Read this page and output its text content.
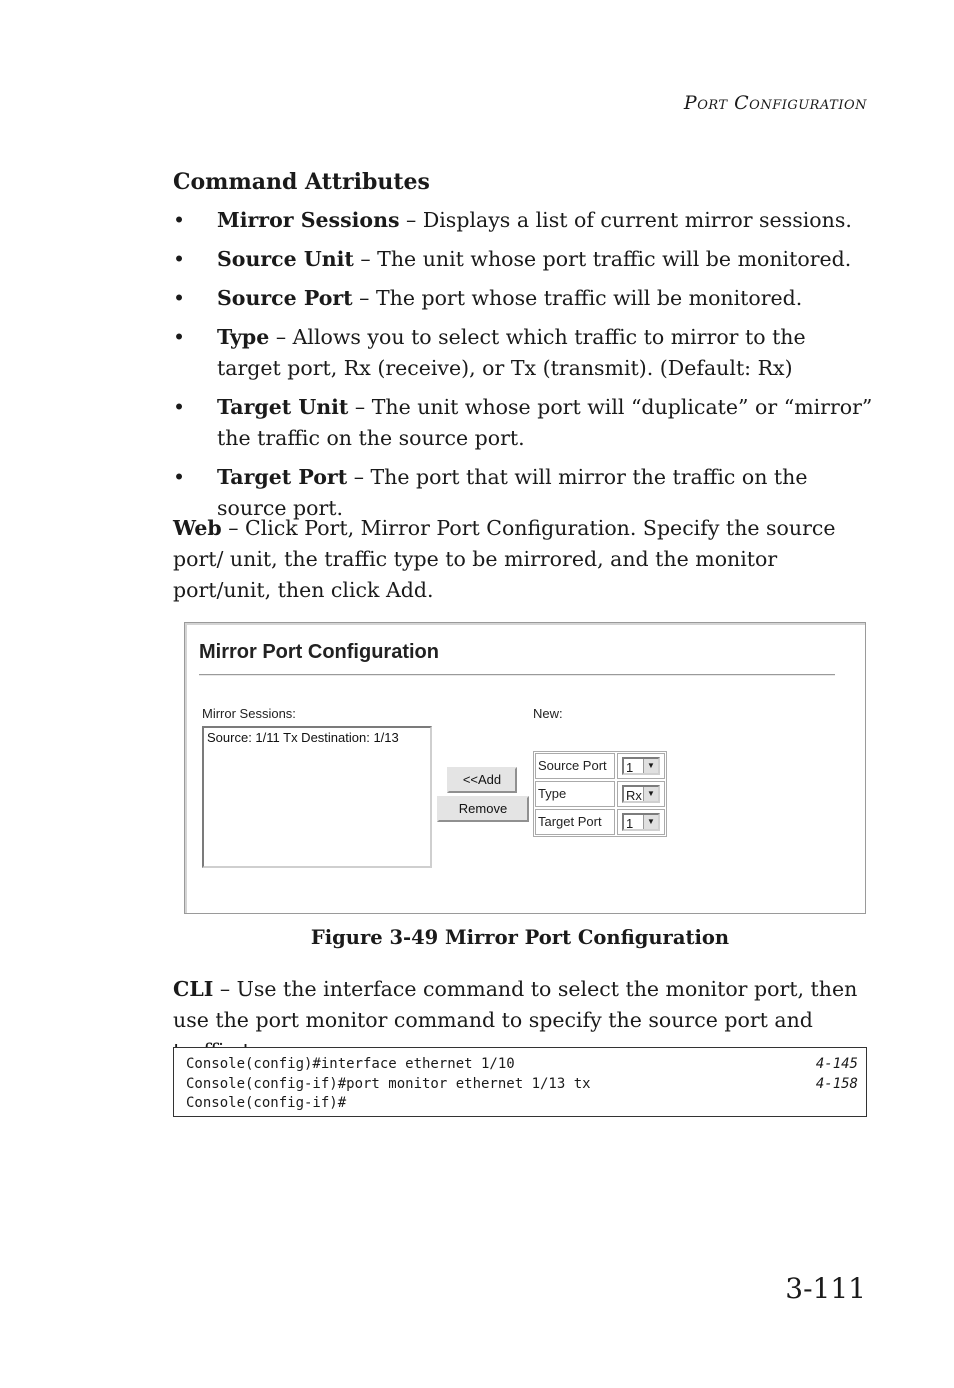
Port Configuration
Command Attributes
•	Mirror Sessions – Displays a list of current mirror sessions.
•	Source Unit – The unit whose port traffic will be monitored.
•	Source Port – The port whose traffic will be monitored.
•	Type – Allows you to select which traffic to mirror to the target port, Rx (receive), or Tx (transmit). (Default: Rx)
•	Target Unit – The unit whose port will “duplicate” or “mirror” the traffic on the source port.
•	Target Port – The port that will mirror the traffic on the source port.
Web – Click Port, Mirror Port Configuration. Specify the source port/ unit, the traffic type to be mirrored, and the monitor port/unit, then click Add.
Mirror Port Configuration
Mirror Sessions:
Source: 1/11 Tx Destination: 1/13
New:
<<Add
Remove
Source Port	1	▼
Type	Rx ▼
Target Port	1	▼
Figure 3-49 Mirror Port Configuration
CLI – Use the interface command to select the monitor port, then use the port monitor command to specify the source port and
Console(config)#interface ethernet 1/10	4-145
Console(config-if)#port monitor ethernet 1/13 tx	4-158
Console(config-if)#
3-111
